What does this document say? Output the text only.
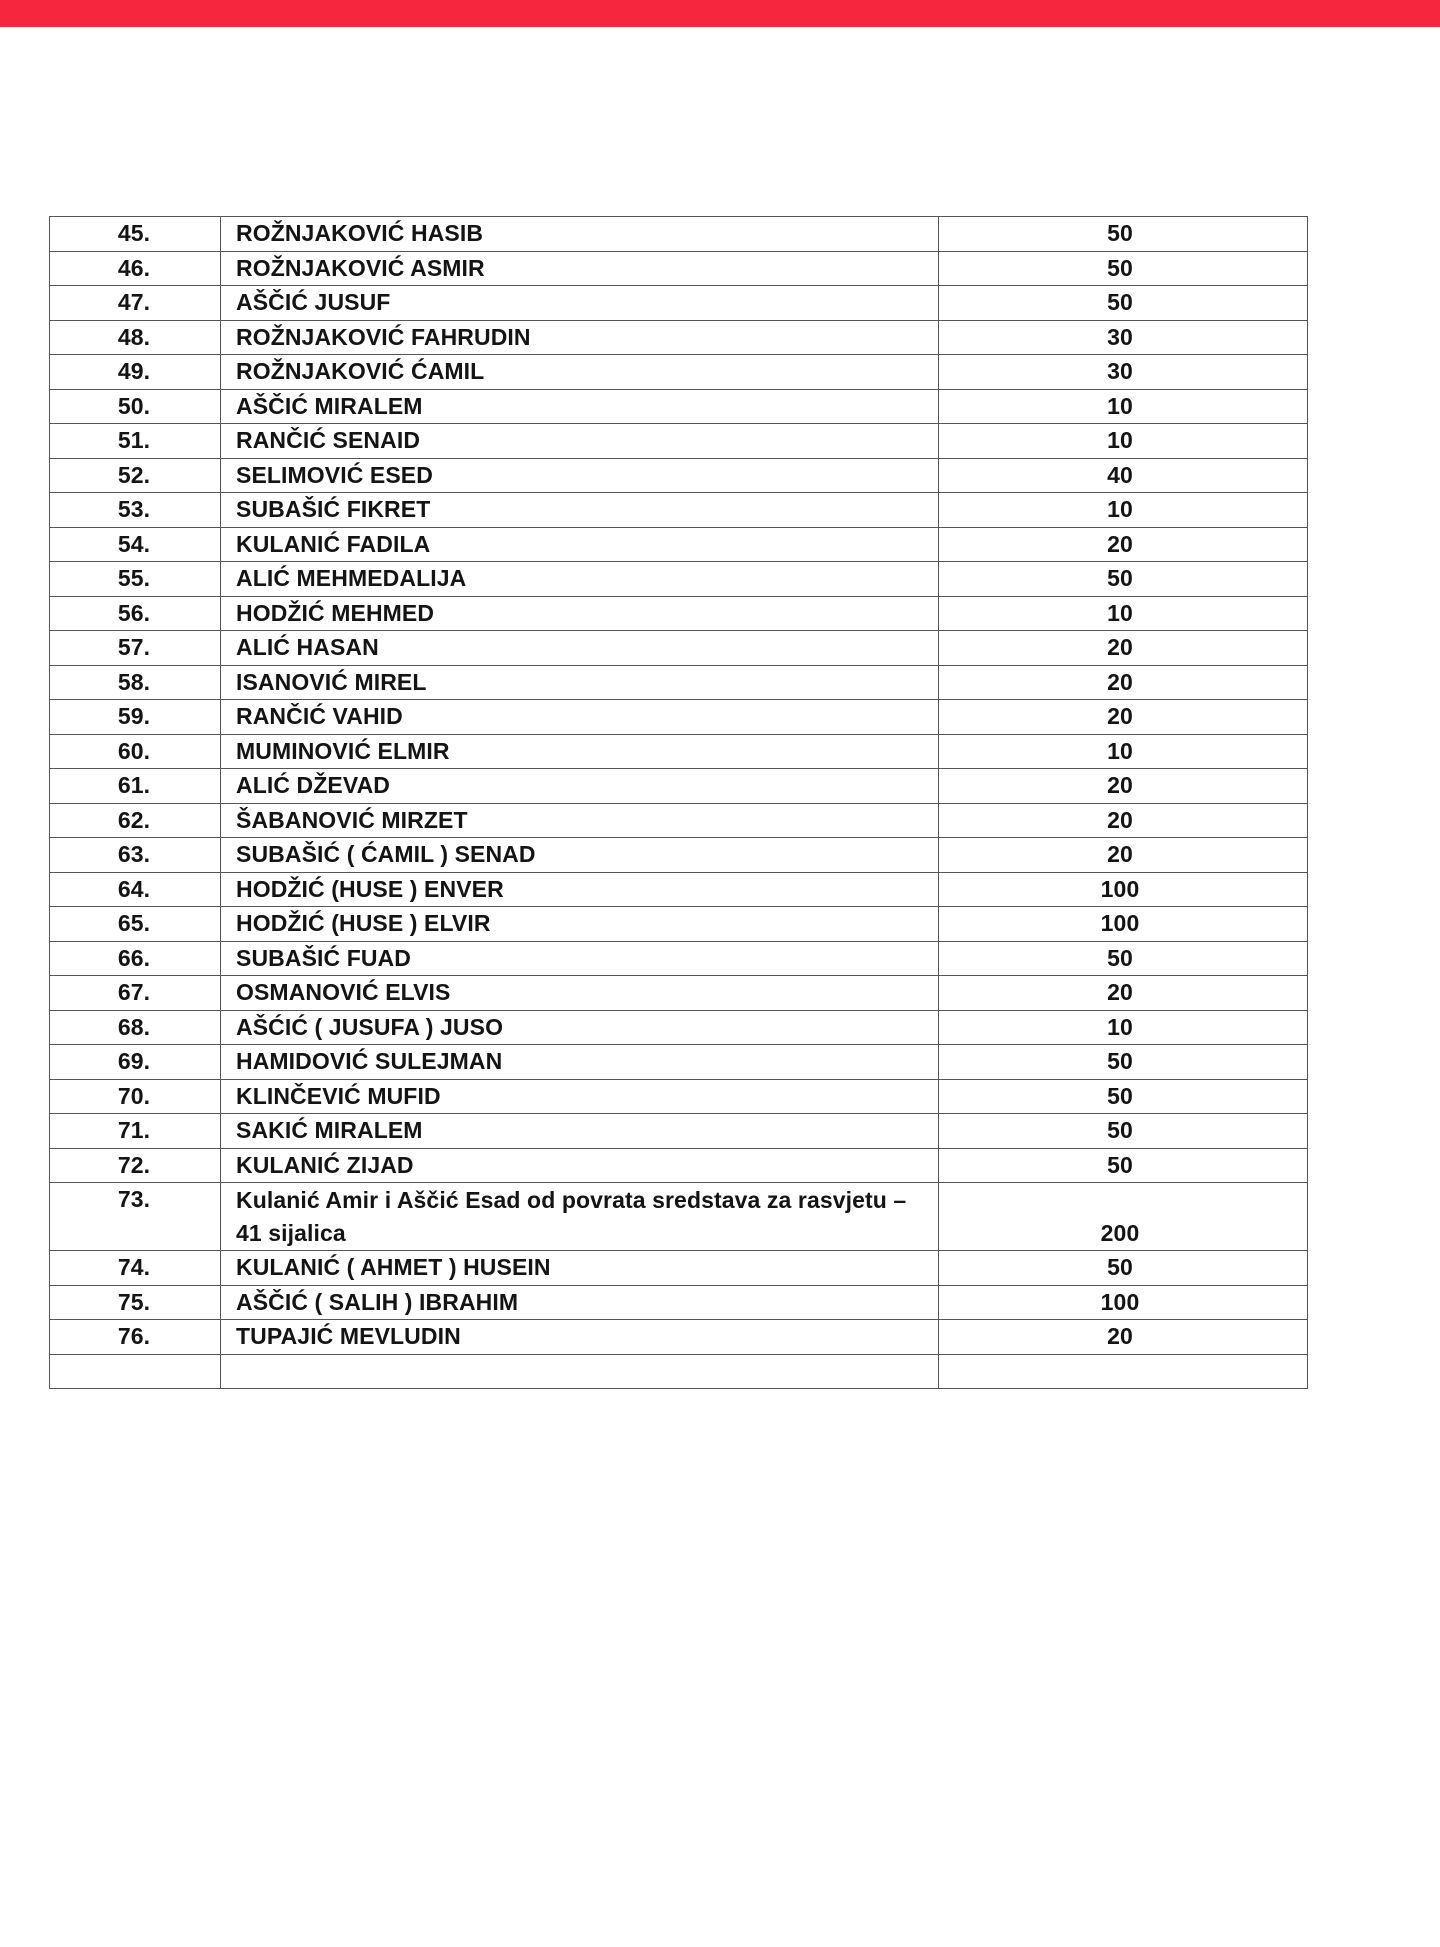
45.	ROŽNJAKOVIĆ HASIB	50
46.	ROŽNJAKOVIĆ ASMIR	50
47.	AŠČIĆ JUSUF	50
48.	ROŽNJAKOVIĆ FAHRUDIN	30
49.	ROŽNJAKOVIĆ ĆAMIL	30
50.	AŠČIĆ MIRALEM	10
51.	RANČIĆ SENAID	10
52.	SELIMOVIĆ ESED	40
53.	SUBAŠIĆ FIKRET	10
54.	KULANIĆ FADILA	20
55.	ALIĆ MEHMEDALIJA	50
56.	HODŽIĆ MEHMED	10
57.	ALIĆ HASAN	20
58.	ISANOVIĆ MIREL	20
59.	RANČIĆ VAHID	20
60.	MUMINOVIĆ ELMIR	10
61.	ALIĆ DŽEVAD	20
62.	ŠABANOVIĆ MIRZET	20
63.	SUBAŠIĆ ( ĆAMIL ) SENAD	20
64.	HODŽIĆ (HUSE ) ENVER	100
65.	HODŽIĆ (HUSE ) ELVIR	100
66.	SUBAŠIĆ FUAD	50
67.	OSMANOVIĆ ELVIS	20
68.	AŠĆIĆ ( JUSUFA ) JUSO	10
69.	HAMIDOVIĆ SULEJMAN	50
70.	KLINČEVIĆ MUFID	50
71.	SAKIĆ MIRALEM	50
72.	KULANIĆ ZIJAD	50
73.	Kulanić Amir i Aščić Esad od povrata sredstava za rasvjetu – 41 sijalica	200
74.	KULANIĆ ( AHMET ) HUSEIN	50
75.	AŠČIĆ ( SALIH ) IBRAHIM	100
76.	TUPAJIĆ MEVLUDIN	20
